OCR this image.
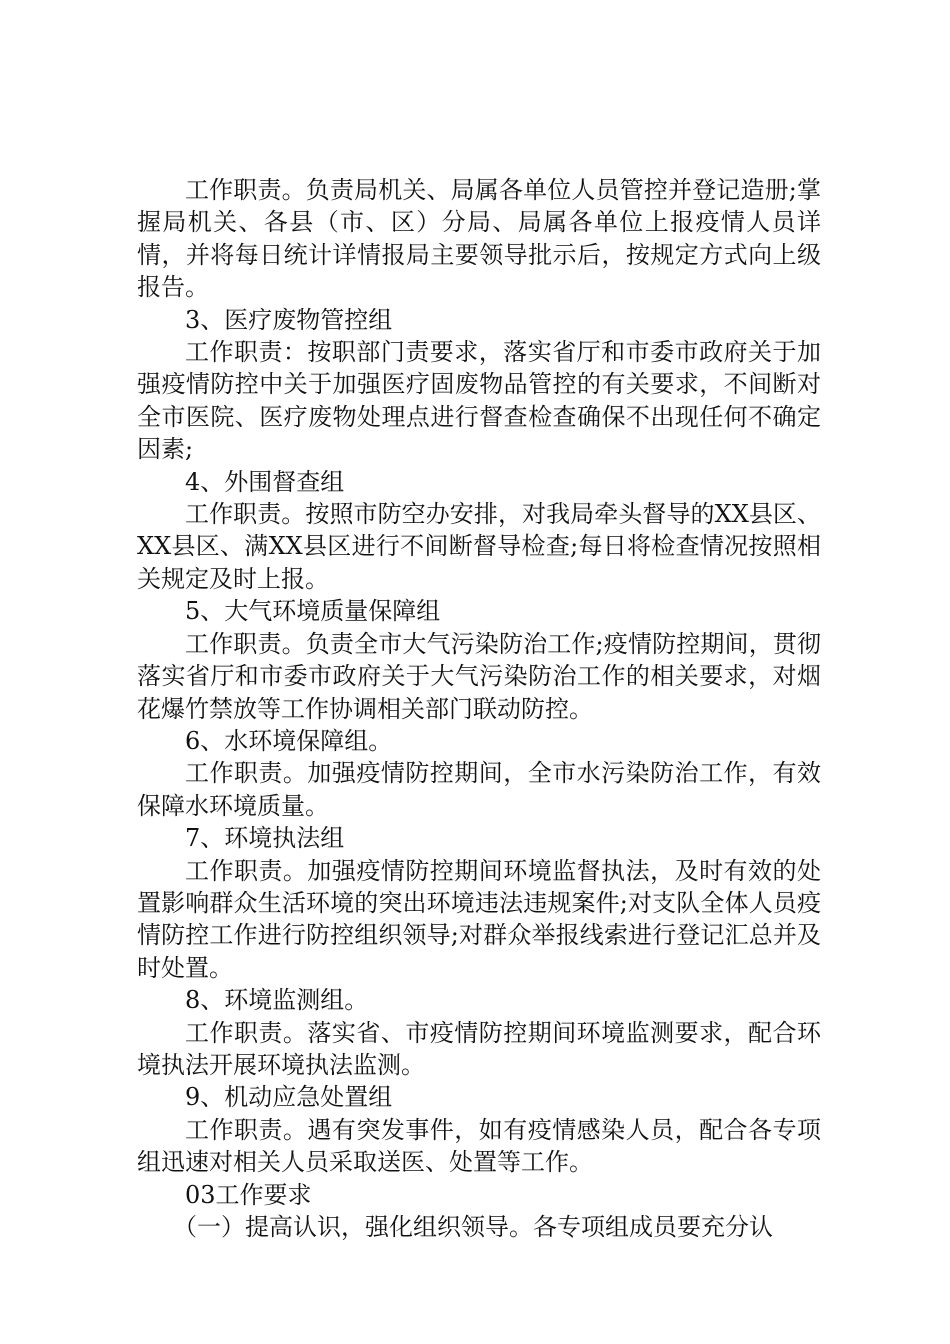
工作职责。负责局机关、局属各单位人员管控并登记造册;掌握局机关、各县（市、区）分局、局属各单位上报疫情人员详情，并将每日统计详情报局主要领导批示后，按规定方式向上级报告。

3、医疗废物管控组

工作职责：按职部门责要求，落实省厅和市委市政府关于加强疫情防控中关于加强医疗固废物品管控的有关要求，不间断对全市医院、医疗废物处理点进行督查检查确保不出现任何不确定因素;

4、外围督查组

工作职责。按照市防空办安排，对我局牵头督导的XX县区、XX县区、满XX县区进行不间断督导检查;每日将检查情况按照相关规定及时上报。

5、大气环境质量保障组

工作职责。负责全市大气污染防治工作;疫情防控期间，贯彻落实省厅和市委市政府关于大气污染防治工作的相关要求，对烟花爆竹禁放等工作协调相关部门联动防控。

6、水环境保障组。

工作职责。加强疫情防控期间，全市水污染防治工作，有效保障水环境质量。

7、环境执法组

工作职责。加强疫情防控期间环境监督执法，及时有效的处置影响群众生活环境的突出环境违法违规案件;对支队全体人员疫情防控工作进行防控组织领导;对群众举报线索进行登记汇总并及时处置。

8、环境监测组。

工作职责。落实省、市疫情防控期间环境监测要求，配合环境执法开展环境执法监测。

9、机动应急处置组

工作职责。遇有突发事件，如有疫情感染人员，配合各专项组迅速对相关人员采取送医、处置等工作。

03工作要求

（一）提高认识，强化组织领导。各专项组成员要充分认
